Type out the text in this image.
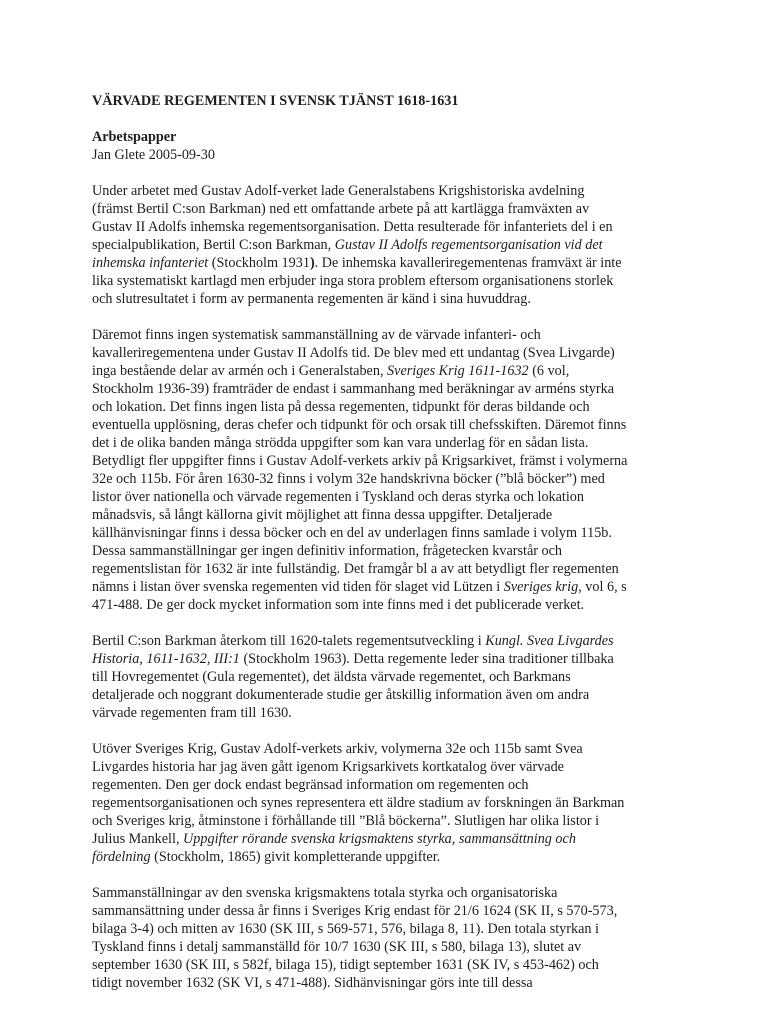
VÄRVADE REGEMENTEN I SVENSK TJÄNST 1618-1631
Arbetspapper
Jan Glete 2005-09-30
Under arbetet med Gustav Adolf-verket lade Generalstabens Krigshistoriska avdelning
(främst Bertil C:son Barkman) ned ett omfattande arbete på att kartlägga framväxten av
Gustav II Adolfs inhemska regementsorganisation. Detta resulterade för infanteriets del i en
specialpublikation, Bertil C:son Barkman, Gustav II Adolfs regementsorganisation vid det
inhemska infanteriet (Stockholm 1931). De inhemska kavalleriregementenas framväxt är inte
lika systematiskt kartlagd men erbjuder inga stora problem eftersom organisationens storlek
och slutresultatet i form av permanenta regementen är känd i sina huvuddrag.
Däremot finns ingen systematisk sammanställning av de värvade infanteri- och
kavalleriregementena under Gustav II Adolfs tid. De blev med ett undantag (Svea Livgarde)
inga bestående delar av armén och i Generalstaben, Sveriges Krig 1611-1632 (6 vol,
Stockholm 1936-39) framträder de endast i sammanhang med beräkningar av arméns styrka
och lokation. Det finns ingen lista på dessa regementen, tidpunkt för deras bildande och
eventuella upplösning, deras chefer och tidpunkt för och orsak till chefsskiften. Däremot finns
det i de olika banden många strödda uppgifter som kan vara underlag för en sådan lista.
Betydligt fler uppgifter finns i Gustav Adolf-verkets arkiv på Krigsarkivet, främst i volymerna
32e och 115b. För åren 1630-32 finns i volym 32e handskrivna böcker (”blå böcker”) med
listor över nationella och värvade regementen i Tyskland och deras styrka och lokation
månadsvis, så långt källorna givit möjlighet att finna dessa uppgifter. Detaljerade
källhänvisningar finns i dessa böcker och en del av underlagen finns samlade i volym 115b.
Dessa sammanställningar ger ingen definitiv information, frågetecken kvarstår och
regementslistan för 1632 är inte fullständig. Det framgår bl a av att betydligt fler regementen
nämns i listan över svenska regementen vid tiden för slaget vid Lützen i Sveriges krig, vol 6, s
471-488. De ger dock mycket information som inte finns med i det publicerade verket.
Bertil C:son Barkman återkom till 1620-talets regementsutveckling i Kungl. Svea Livgardes
Historia, 1611-1632, III:1 (Stockholm 1963). Detta regemente leder sina traditioner tillbaka
till Hovregementet (Gula regementet), det äldsta värvade regementet, och Barkmans
detaljerade och noggrant dokumenterade studie ger åtskillig information även om andra
värvade regementen fram till 1630.
Utöver Sveriges Krig, Gustav Adolf-verkets arkiv, volymerna 32e och 115b samt Svea
Livgardes historia har jag även gått igenom Krigsarkivets kortkatalog över värvade
regementen. Den ger dock endast begränsad information om regementen och
regementsorganisationen och synes representera ett äldre stadium av forskningen än Barkman
och Sveriges krig, åtminstone i förhållande till ”Blå böckerna”. Slutligen har olika listor i
Julius Mankell, Uppgifter rörande svenska krigsmaktens styrka, sammansättning och
fördelning (Stockholm, 1865) givit kompletterande uppgifter.
Sammanställningar av den svenska krigsmaktens totala styrka och organisatoriska
sammansättning under dessa år finns i Sveriges Krig endast för 21/6 1624 (SK II, s 570-573,
bilaga 3-4) och mitten av 1630 (SK III, s 569-571, 576, bilaga 8, 11). Den totala styrkan i
Tyskland finns i detalj sammanställd för 10/7 1630 (SK III, s 580, bilaga 13), slutet av
september 1630 (SK III, s 582f, bilaga 15), tidigt september 1631 (SK IV, s 453-462) och
tidigt november 1632 (SK VI, s 471-488). Sidhänvisningar görs inte till dessa
